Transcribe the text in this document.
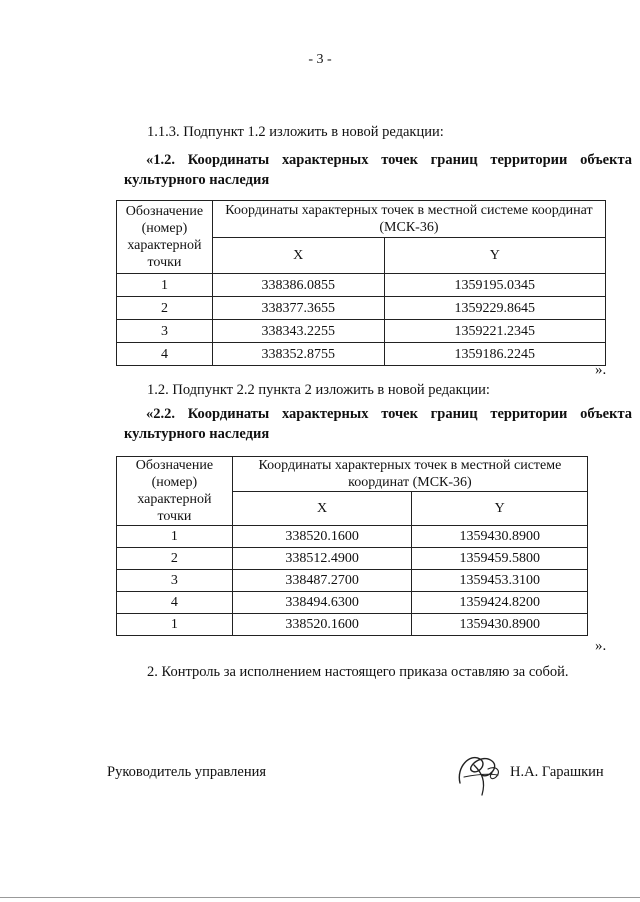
- 3 -
1.1.3. Подпункт 1.2 изложить в новой редакции:
«1.2. Координаты характерных точек границ территории объекта
культурного наследия
Обозначение
(номер)
характерной
точки	Координаты характерных точек в местной системе координат (МСК-36)	
	X	Y
1	338386.0855	1359195.0345
2	338377.3655	1359229.8645
3	338343.2255	1359221.2345
4	338352.8755	1359186.2245
».
1.2. Подпункт 2.2 пункта 2 изложить в новой редакции:
«2.2. Координаты характерных точек границ территории объекта
культурного наследия
Обозначение
(номер)
характерной
точки	Координаты характерных точек в местной системе координат (МСК-36)	
	X	Y
1	338520.1600	1359430.8900
2	338512.4900	1359459.5800
3	338487.2700	1359453.3100
4	338494.6300	1359424.8200
1	338520.1600	1359430.8900
».
2. Контроль за исполнением настоящего приказа оставляю за собой.
Руководитель управления	Н.А. Гарашкин
